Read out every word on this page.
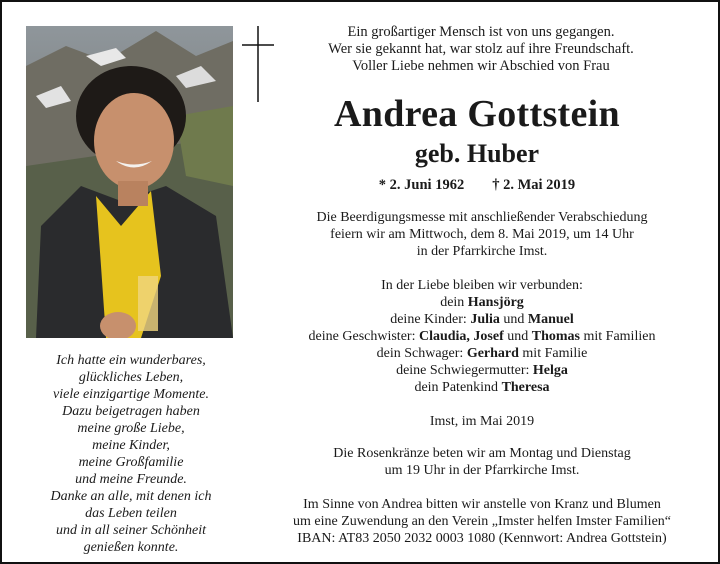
Ein großartiger Mensch ist von uns gegangen.
Wer sie gekannt hat, war stolz auf ihre Freundschaft.
Voller Liebe nehmen wir Abschied von Frau
Andrea Gottstein
geb. Huber
* 2. Juni 1962 † 2. Mai 2019
Die Beerdigungsmesse mit anschließender Verabschiedung
feiern wir am Mittwoch, dem 8. Mai 2019, um 14 Uhr
in der Pfarrkirche Imst.
In der Liebe bleiben wir verbunden:
dein Hansjörg
deine Kinder: Julia und Manuel
deine Geschwister: Claudia, Josef und Thomas mit Familien
dein Schwager: Gerhard mit Familie
deine Schwiegermutter: Helga
dein Patenkind Theresa
Imst, im Mai 2019
Die Rosenkränze beten wir am Montag und Dienstag
um 19 Uhr in der Pfarrkirche Imst.
Im Sinne von Andrea bitten wir anstelle von Kranz und Blumen
um eine Zuwendung an den Verein „Imster helfen Imster Familien“
IBAN: AT83 2050 2032 0003 1080 (Kennwort: Andrea Gottstein)
Ich hatte ein wunderbares,
glückliches Leben,
viele einzigartige Momente.
Dazu beigetragen haben
meine große Liebe,
meine Kinder,
meine Großfamilie
und meine Freunde.
Danke an alle, mit denen ich
das Leben teilen
und in all seiner Schönheit
genießen konnte.
